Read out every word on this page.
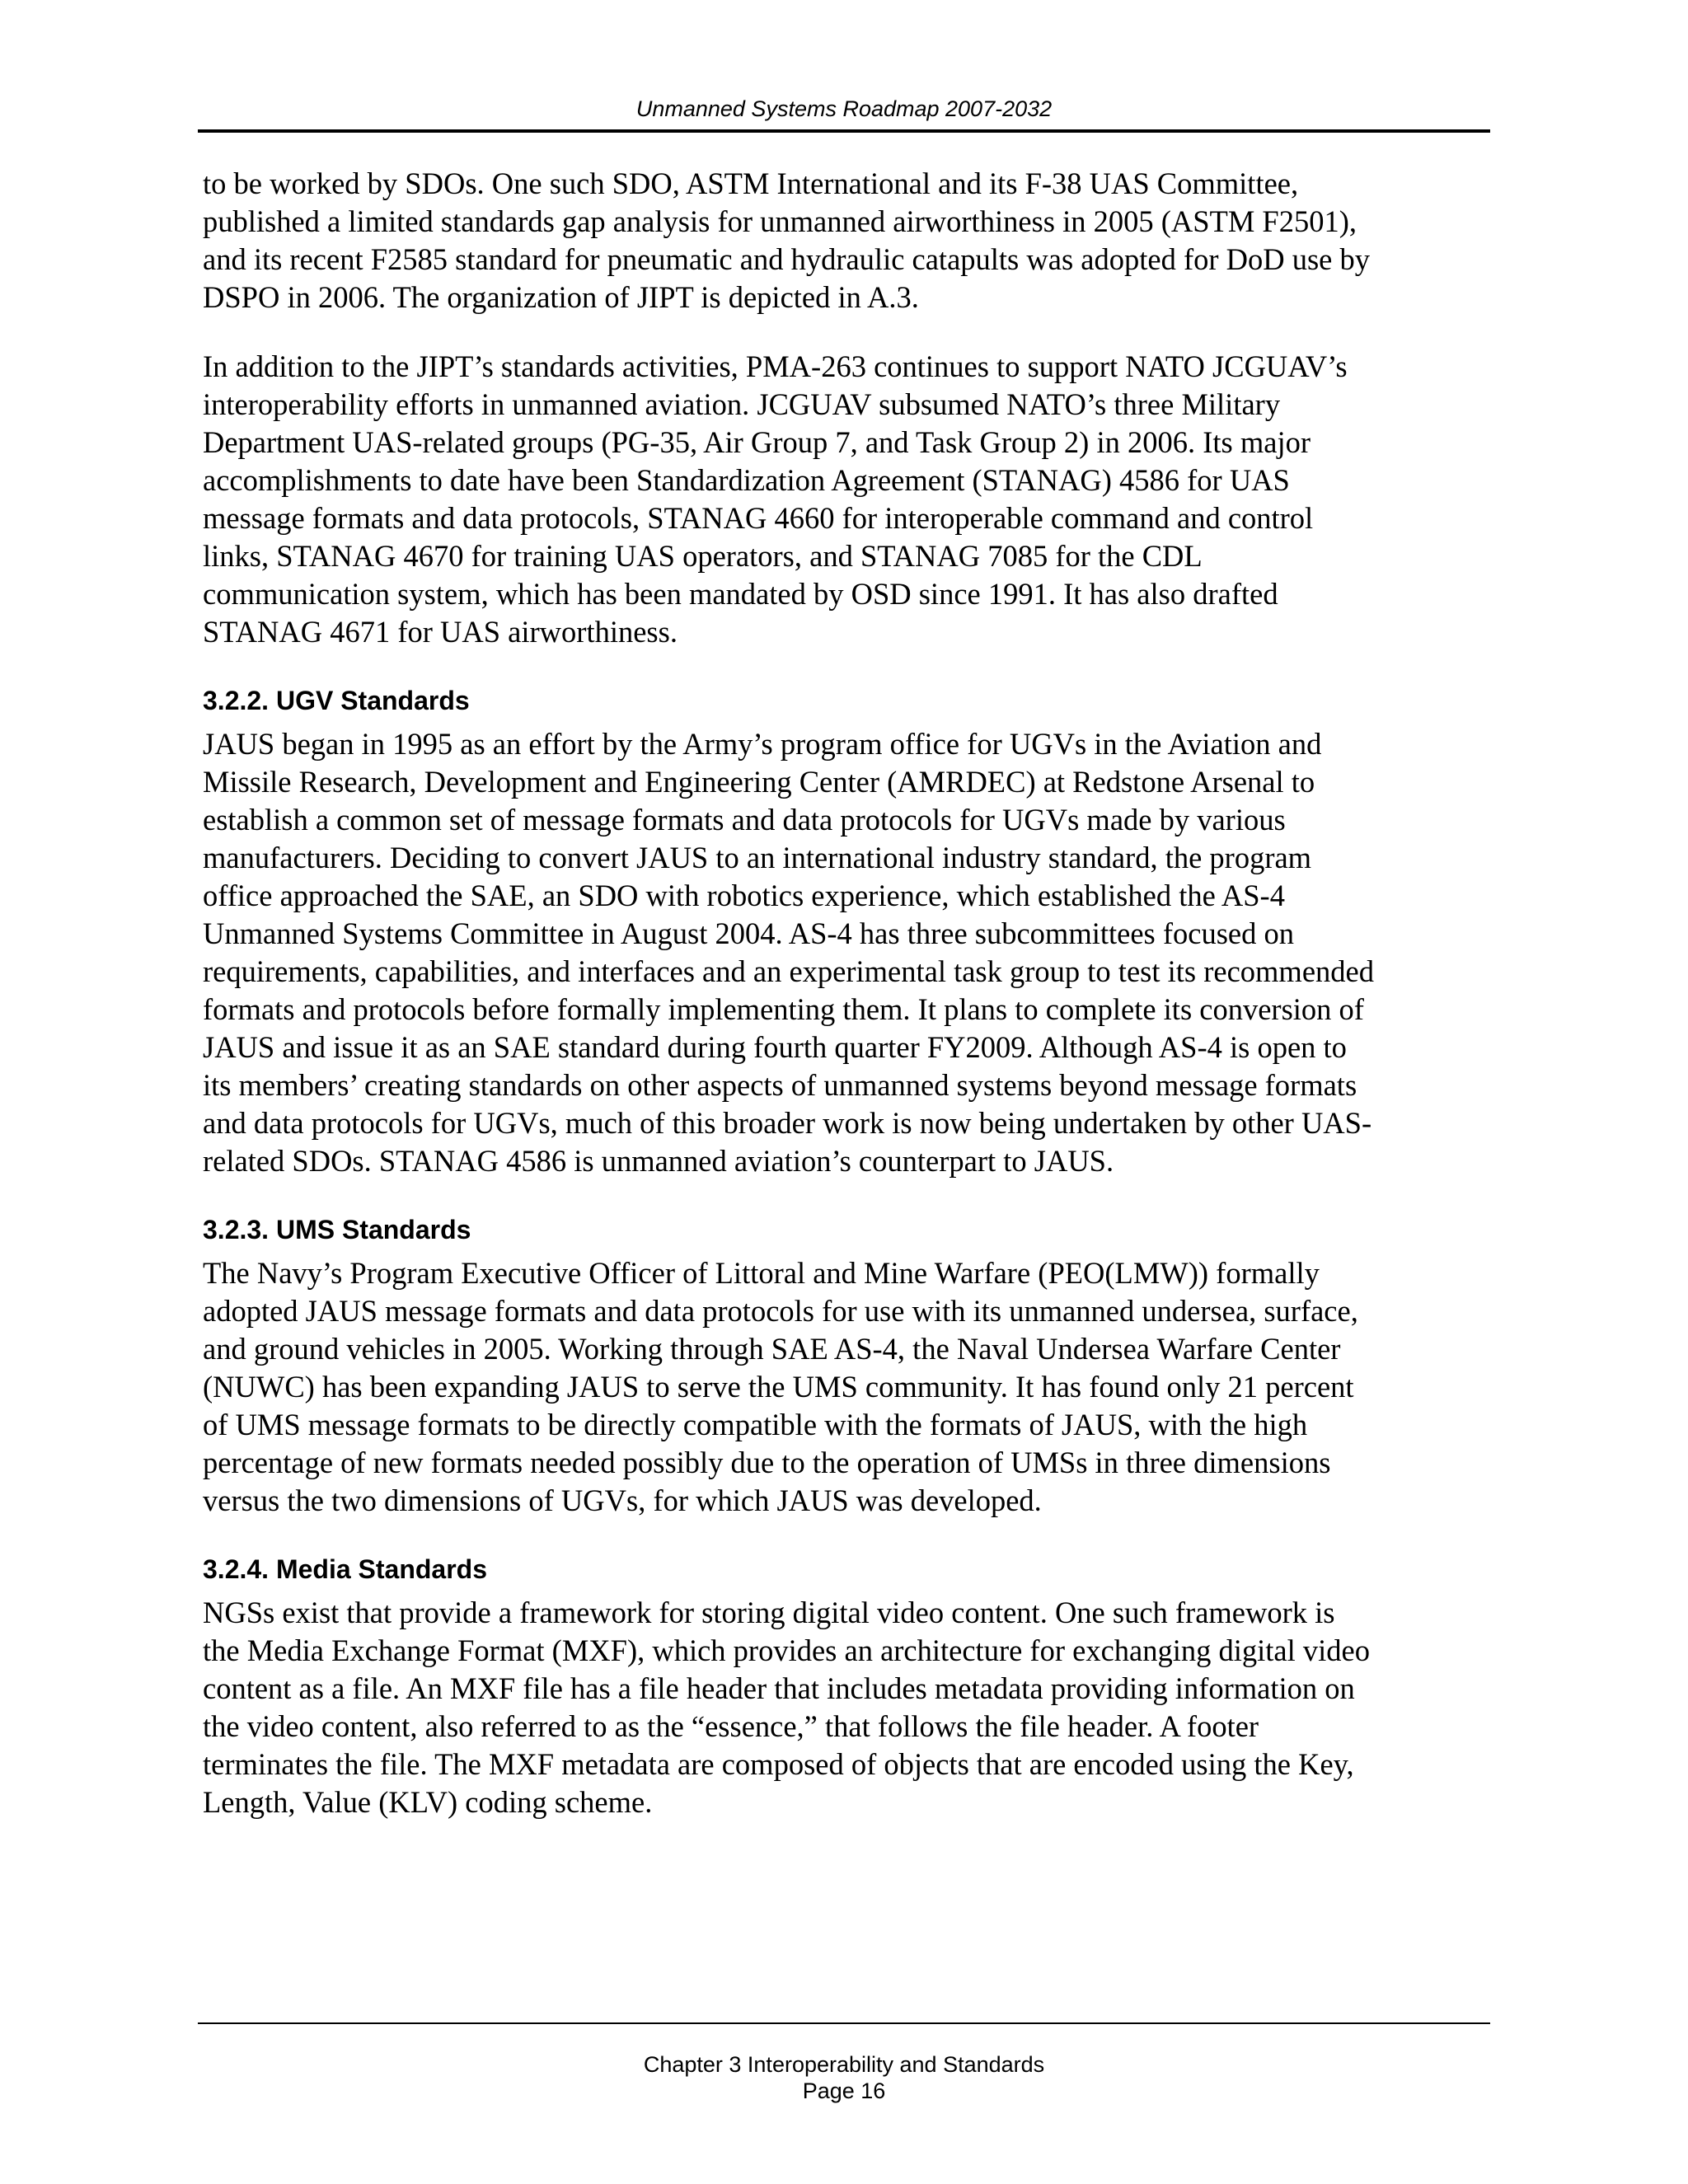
Unmanned Systems Roadmap 2007-2032

to be worked by SDOs. One such SDO, ASTM International and its F-38 UAS Committee,
published a limited standards gap analysis for unmanned airworthiness in 2005 (ASTM F2501),
and its recent F2585 standard for pneumatic and hydraulic catapults was adopted for DoD use by
DSPO in 2006. The organization of JIPT is depicted in A.3.

In addition to the JIPT’s standards activities, PMA-263 continues to support NATO JCGUAV’s
interoperability efforts in unmanned aviation. JCGUAV subsumed NATO’s three Military
Department UAS-related groups (PG-35, Air Group 7, and Task Group 2) in 2006. Its major
accomplishments to date have been Standardization Agreement (STANAG) 4586 for UAS
message formats and data protocols, STANAG 4660 for interoperable command and control
links, STANAG 4670 for training UAS operators, and STANAG 7085 for the CDL
communication system, which has been mandated by OSD since 1991. It has also drafted
STANAG 4671 for UAS airworthiness.

3.2.2. UGV Standards

JAUS began in 1995 as an effort by the Army’s program office for UGVs in the Aviation and
Missile Research, Development and Engineering Center (AMRDEC) at Redstone Arsenal to
establish a common set of message formats and data protocols for UGVs made by various
manufacturers. Deciding to convert JAUS to an international industry standard, the program
office approached the SAE, an SDO with robotics experience, which established the AS-4
Unmanned Systems Committee in August 2004. AS-4 has three subcommittees focused on
requirements, capabilities, and interfaces and an experimental task group to test its recommended
formats and protocols before formally implementing them. It plans to complete its conversion of
JAUS and issue it as an SAE standard during fourth quarter FY2009. Although AS-4 is open to
its members’ creating standards on other aspects of unmanned systems beyond message formats
and data protocols for UGVs, much of this broader work is now being undertaken by other UAS-
related SDOs. STANAG 4586 is unmanned aviation’s counterpart to JAUS.

3.2.3. UMS Standards

The Navy’s Program Executive Officer of Littoral and Mine Warfare (PEO(LMW)) formally
adopted JAUS message formats and data protocols for use with its unmanned undersea, surface,
and ground vehicles in 2005. Working through SAE AS-4, the Naval Undersea Warfare Center
(NUWC) has been expanding JAUS to serve the UMS community. It has found only 21 percent
of UMS message formats to be directly compatible with the formats of JAUS, with the high
percentage of new formats needed possibly due to the operation of UMSs in three dimensions
versus the two dimensions of UGVs, for which JAUS was developed.

3.2.4. Media Standards

NGSs exist that provide a framework for storing digital video content. One such framework is
the Media Exchange Format (MXF), which provides an architecture for exchanging digital video
content as a file. An MXF file has a file header that includes metadata providing information on
the video content, also referred to as the “essence,” that follows the file header. A footer
terminates the file. The MXF metadata are composed of objects that are encoded using the Key,
Length, Value (KLV) coding scheme.

Chapter 3 Interoperability and Standards
Page 16
